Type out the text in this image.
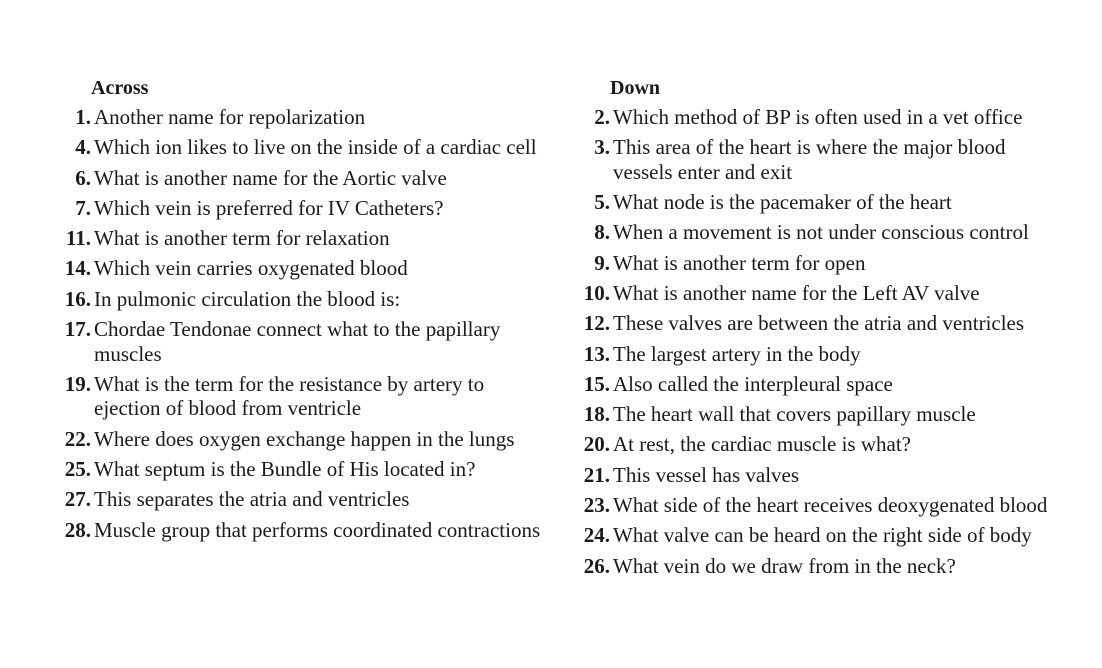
Across
1 . Another name for repolarization
4 . Which ion likes to live on the inside of a cardiac cell
6 . What is another name for the Aortic valve
7 . Which vein is preferred for IV Catheters?
11 . What is another term for relaxation
14 . Which vein carries oxygenated blood
16 . In pulmonic circulation the blood is:
17 . Chordae Tendonae connect what to the papillary muscles
19 . What is the term for the resistance by artery to ejection of blood from ventricle
22 . Where does oxygen exchange happen in the lungs
25 . What septum is the Bundle of His located in?
27 . This separates the atria and ventricles
28 . Muscle group that performs coordinated contractions
Down
2 . Which method of BP is often used in a vet office
3 . This area of the heart is where the major blood vessels enter and exit
5 . What node is the pacemaker of the heart
8 . When a movement is not under conscious control
9 . What is another term for open
10 . What is another name for the Left AV valve
12 . These valves are between the atria and ventricles
13 . The largest artery in the body
15 . Also called the interpleural space
18 . The heart wall that covers papillary muscle
20 . At rest, the cardiac muscle is what?
21 . This vessel has valves
23 . What side of the heart receives deoxygenated blood
24 . What valve can be heard on the right side of body
26 . What vein do we draw from in the neck?
